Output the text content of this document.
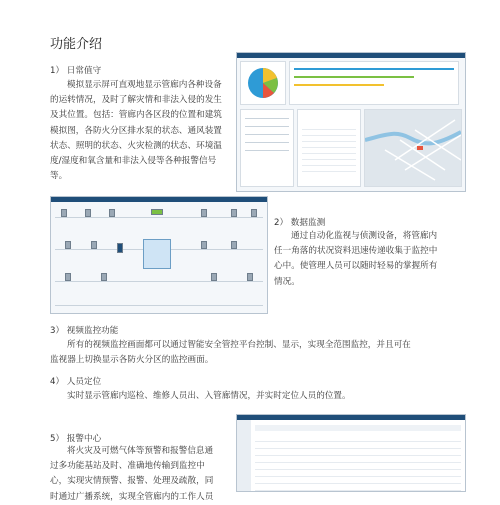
功能介绍
1） 日常值守
模拟显示屏可直观地显示管廊内各种设备
的运转情况，及时了解灾情和非法入侵的发生
及其位置。包括：管廊内各区段的位置和建筑
模拟图，各防火分区排水泵的状态、通风装置
状态、照明的状态、火灾检测的状态、环境温
度/湿度和氧含量和非法入侵等各种报警信号
等。
2） 数据监测
通过自动化监视与侦测设备，将管廊内
任一角落的状况资料迅速传递收集于监控中
心中。使管理人员可以随时轻易的掌握所有
情况。
3） 视频监控功能
所有的视频监控画面都可以通过智能安全管控平台控制、显示，实现全范围监控，并且可在
监视器上切换显示各防火分区的监控画面。
4） 人员定位
实时显示管廊内巡检、维修人员出、入管廊情况，并实时定位人员的位置。
5） 报警中心
将火灾及可燃气体等预警和报警信息通
过多功能基站及时、准确地传输到监控中
心，实现灾情预警、报警、处理及疏散，同
时通过广播系统，实现全管廊内的工作人员
